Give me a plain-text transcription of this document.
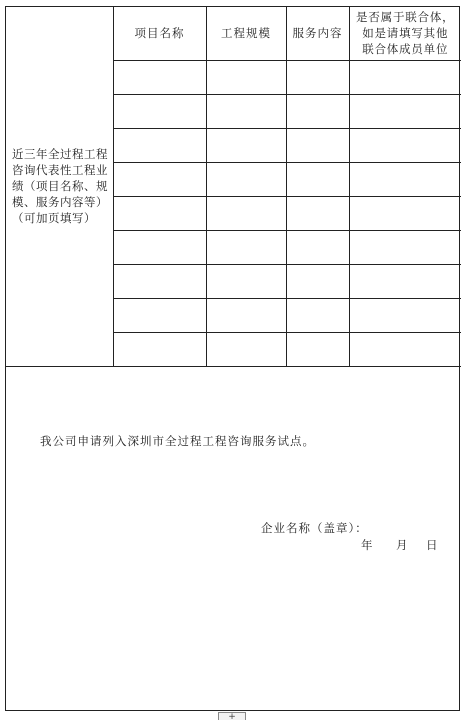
近三年全过程工程咨询代表性工程业绩（项目名称、规模、服务内容等）（可加页填写）	项目名称	工程规模	服务内容	是否属于联合体，
如是请填写其他
联合体成员单位

我公司申请列入深圳市全过程工程咨询服务试点。
企业名称（盖章）：
年 月 日
+
